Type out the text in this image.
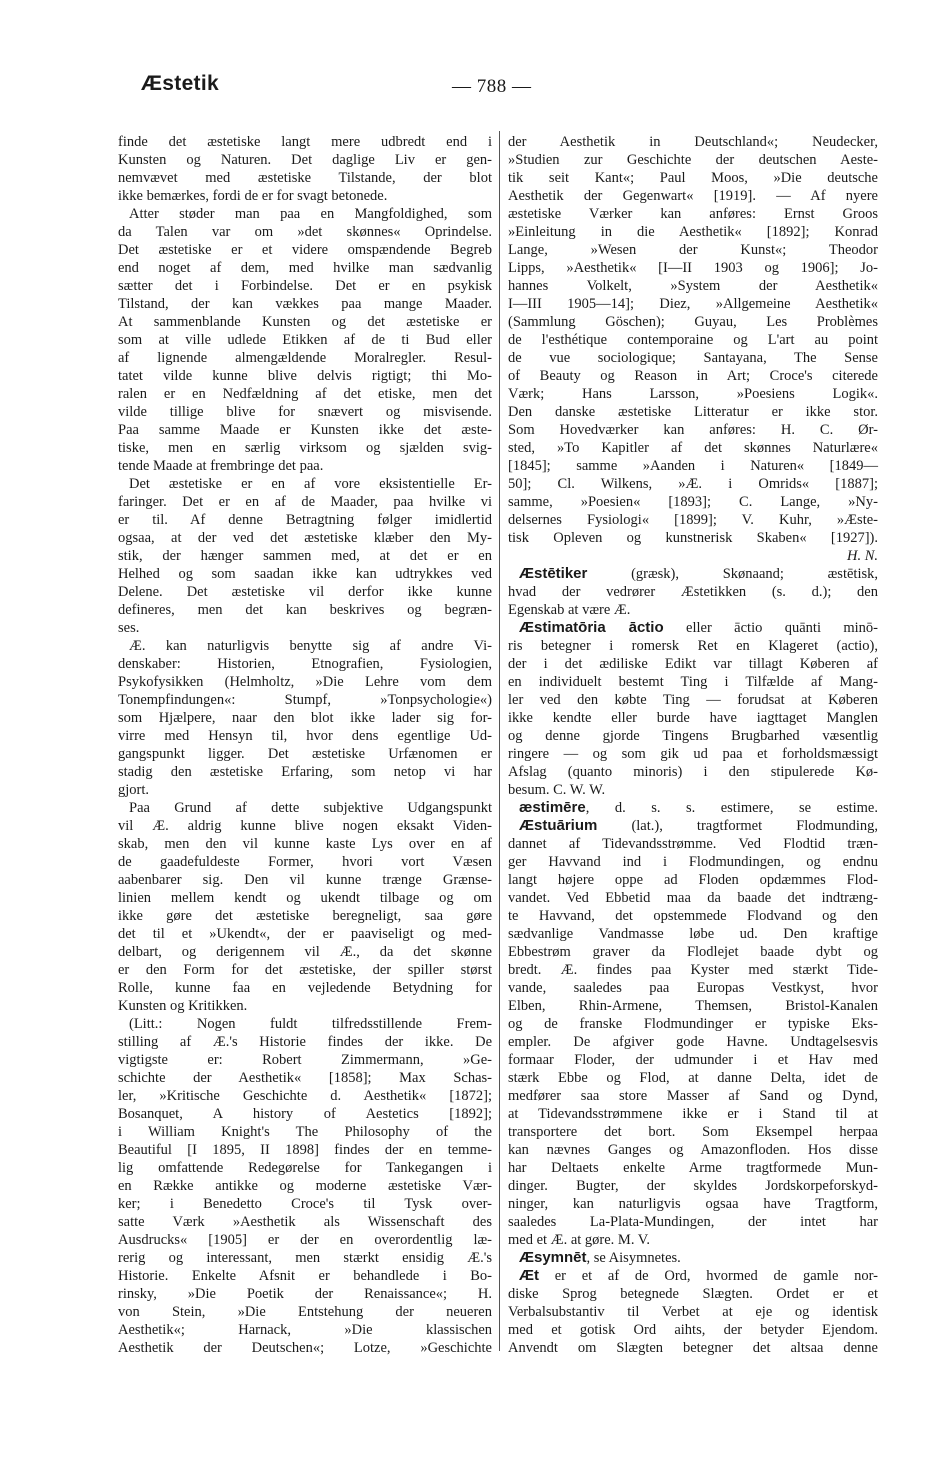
Æstetik	— 788 —
finde det æstetiske langt mere udbredt end i
Kunsten og Naturen. Det daglige Liv er gen-
nemvævet med æstetiske Tilstande, der blot
ikke bemærkes, fordi de er for svagt betonede.
Atter støder man paa en Mangfoldighed, som
da Talen var om »det skønnes« Oprindelse.
Det æstetiske er et videre omspændende Begreb
end noget af dem, med hvilke man sædvanlig
sætter det i Forbindelse. Det er en psykisk
Tilstand, der kan vækkes paa mange Maader.
At sammenblande Kunsten og det æstetiske er
som at ville udlede Etikken af de ti Bud eller
af lignende almengældende Moralregler. Resul-
tatet vilde kunne blive delvis rigtigt; thi Mo-
ralen er en Nedfældning af det etiske, men det
vilde tillige blive for snævert og misvisende.
Paa samme Maade er Kunsten ikke det æste-
tiske, men en særlig virksom og sjælden svig-
tende Maade at frembringe det paa.
Det æstetiske er en af vore eksistentielle Er-
faringer. Det er en af de Maader, paa hvilke vi
er til. Af denne Betragtning følger imidlertid
ogsaa, at der ved det æstetiske klæber den My-
stik, der hænger sammen med, at det er en
Helhed og som saadan ikke kan udtrykkes ved
Delene. Det æstetiske vil derfor ikke kunne
defineres, men det kan beskrives og begræn-
ses.
Æ. kan naturligvis benytte sig af andre Vi-
denskaber: Historien, Etnografien, Fysiologien,
Psykofysikken (Helmholtz, »Die Lehre vom dem
Tonempfindungen«: Stumpf, »Tonpsychologie«)
som Hjælpere, naar den blot ikke lader sig for-
virre med Hensyn til, hvor dens egentlige Ud-
gangspunkt ligger. Det æstetiske Urfænomen er
stadig den æstetiske Erfaring, som netop vi har
gjort.
Paa Grund af dette subjektive Udgangspunkt
vil Æ. aldrig kunne blive nogen eksakt Viden-
skab, men den vil kunne kaste Lys over en af
de gaadefuldeste Former, hvori vort Væsen
aabenbarer sig. Den vil kunne trænge Grænse-
linien mellem kendt og ukendt tilbage og om
ikke gøre det æstetiske beregneligt, saa gøre
det til et »Ukendt«, der er paaviseligt og med-
delbart, og derigennem vil Æ., da det skønne
er den Form for det æstetiske, der spiller størst
Rolle, kunne faa en vejledende Betydning for
Kunsten og Kritikken.
(Litt.: Nogen fuldt tilfredsstillende Frem-
stilling af Æ.'s Historie findes der ikke. De
vigtigste er: Robert Zimmermann, »Ge-
schichte der Aesthetik« [1858]; Max Schas-
ler, »Kritische Geschichte d. Aesthetik« [1872];
Bosanquet, A history of Aestetics [1892];
i William Knight's The Philosophy of the
Beautiful [I 1895, II 1898] findes der en temme-
lig omfattende Redegørelse for Tankegangen i
en Række antikke og moderne æstetiske Vær-
ker; i Benedetto Croce's til Tysk over-
satte Værk »Aesthetik als Wissenschaft des
Ausdrucks« [1905] er der en overordentlig læ-
rerig og interessant, men stærkt ensidig Æ.'s
Historie. Enkelte Afsnit er behandlede i Bo-
rinsky, »Die Poetik der Renaissance«; H.
von Stein, »Die Entstehung der neueren
Aesthetik«; Harnack, »Die klassischen
Aesthetik der Deutschen«; Lotze, »Geschichte
der Aesthetik in Deutschland«; Neudecker,
»Studien zur Geschichte der deutschen Aeste-
tik seit Kant«; Paul Moos, »Die deutsche
Aesthetik der Gegenwart« [1919]. — Af nyere
æstetiske Værker kan anføres: Ernst Groos
»Einleitung in die Aesthetik« [1892]; Konrad
Lange, »Wesen der Kunst«; Theodor
Lipps, »Aesthetik« [I—II 1903 og 1906]; Jo-
hannes Volkelt, »System der Aesthetik«
I—III 1905—14]; Diez, »Allgemeine Aesthetik«
(Sammlung Göschen); Guyau, Les Problèmes
de l'esthétique contemporaine og L'art au point
de vue sociologique; Santayana, The Sense
of Beauty og Reason in Art; Croce's citerede
Værk; Hans Larsson, »Poesiens Logik«.
Den danske æstetiske Litteratur er ikke stor.
Som Hovedværker kan anføres: H. C. Ør-
sted, »To Kapitler af det skønnes Naturlære«
[1845]; samme »Aanden i Naturen« [1849—
50]; Cl. Wilkens, »Æ. i Omrids« [1887];
samme, »Poesien« [1893]; C. Lange, »Ny-
delsernes Fysiologi« [1899]; V. Kuhr, »Æste-
tisk Opleven og kunstnerisk Skaben« [1927]).
H. N.
Æstētiker (græsk), Skønaand; æstētisk,
hvad der vedrører Æstetikken (s. d.); den
Egenskab at være Æ.
Æstimatōria āctio eller āctio quānti minō-
ris betegner i romersk Ret en Klageret (actio),
der i det ædiliske Edikt var tillagt Køberen af
en individuelt bestemt Ting i Tilfælde af Mang-
ler ved den købte Ting — forudsat at Køberen
ikke kendte eller burde have iagttaget Manglen
og denne gjorde Tingens Brugbarhed væsentlig
ringere — og som gik ud paa et forholdsmæssigt
Afslag (quanto minoris) i den stipulerede Kø-
besum. C. W. W.
æstimēre, d. s. s. estimere, se estime.
Æstuārium (lat.), tragtformet Flodmunding,
dannet af Tidevandsstrømme. Ved Flodtid træn-
ger Havvand ind i Flodmundingen, og endnu
langt højere oppe ad Floden opdæmmes Flod-
vandet. Ved Ebbetid maa da baade det indtræng-
te Havvand, det opstemmede Flodvand og den
sædvanlige Vandmasse løbe ud. Den kraftige
Ebbestrøm graver da Flodlejet baade dybt og
bredt. Æ. findes paa Kyster med stærkt Tide-
vande, saaledes paa Europas Vestkyst, hvor
Elben, Rhin-Armene, Themsen, Bristol-Kanalen
og de franske Flodmundinger er typiske Eks-
empler. De afgiver gode Havne. Undtagelsesvis
formaar Floder, der udmunder i et Hav med
stærk Ebbe og Flod, at danne Delta, idet de
medfører saa store Masser af Sand og Dynd,
at Tidevandsstrømmene ikke er i Stand til at
transportere det bort. Som Eksempel herpaa
kan nævnes Ganges og Amazonfloden. Hos disse
har Deltaets enkelte Arme tragtformede Mun-
dinger. Bugter, der skyldes Jordskorpeforskyd-
ninger, kan naturligvis ogsaa have Tragtform,
saaledes La-Plata-Mundingen, der intet har
med et Æ. at gøre. M. V.
Æsymnēt, se Aisymnetes.
Æt er et af de Ord, hvormed de gamle nor-
diske Sprog betegnede Slægten. Ordet er et
Verbalsubstantiv til Verbet at eje og identisk
med et gotisk Ord aihts, der betyder Ejendom.
Anvendt om Slægten betegner det altsaa denne
